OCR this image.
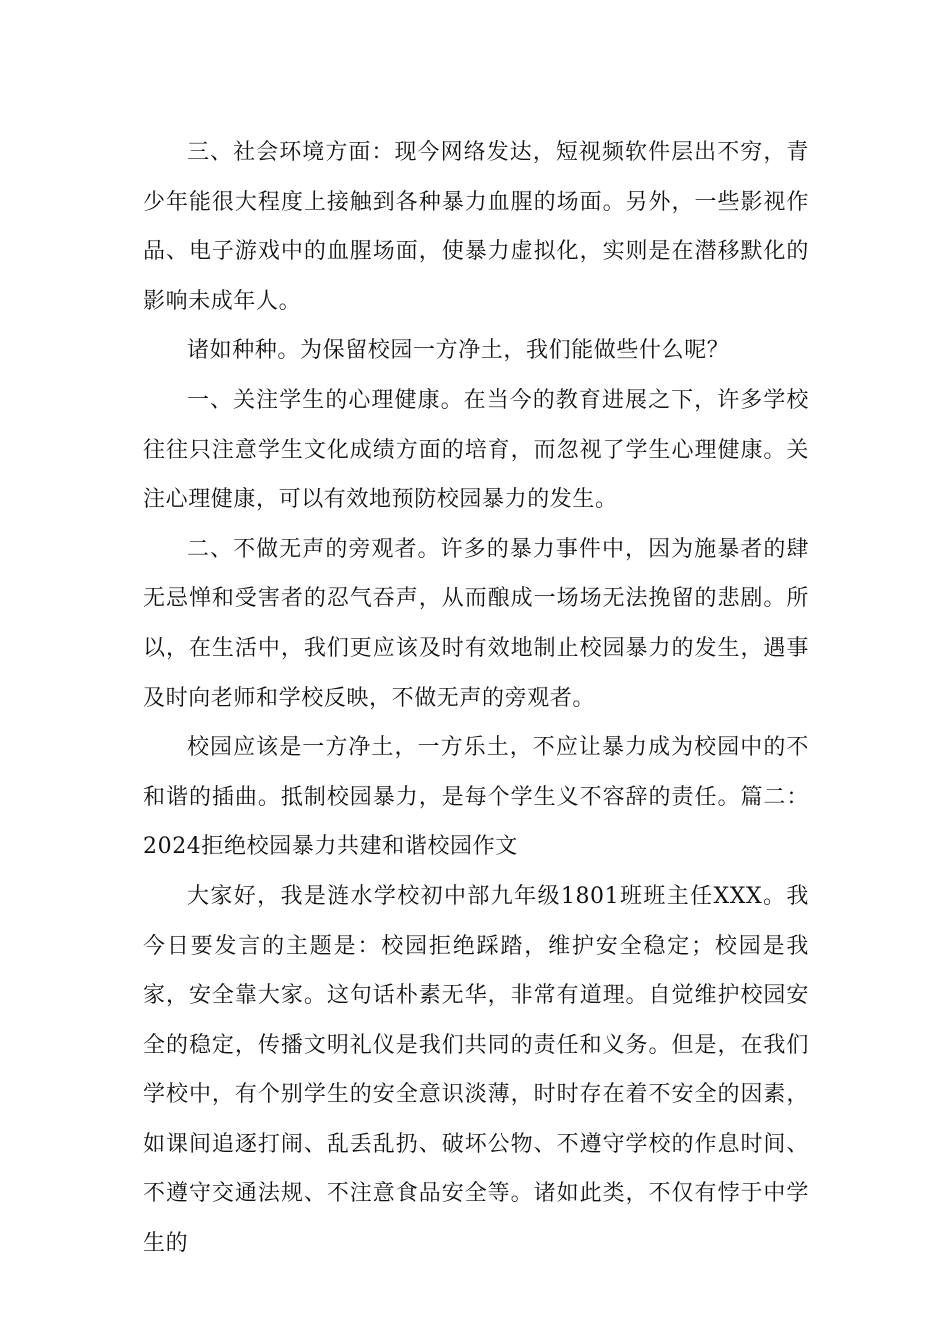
三、社会环境方面：现今网络发达，短视频软件层出不穷，青少年能很大程度上接触到各种暴力血腥的场面。另外，一些影视作品、电子游戏中的血腥场面，使暴力虚拟化，实则是在潜移默化的影响未成年人。

诸如种种。为保留校园一方净土，我们能做些什么呢？

一、关注学生的心理健康。在当今的教育进展之下，许多学校往往只注意学生文化成绩方面的培育，而忽视了学生心理健康。关注心理健康，可以有效地预防校园暴力的发生。

二、不做无声的旁观者。许多的暴力事件中，因为施暴者的肆无忌惮和受害者的忍气吞声，从而酿成一场场无法挽留的悲剧。所以，在生活中，我们更应该及时有效地制止校园暴力的发生，遇事及时向老师和学校反映，不做无声的旁观者。

校园应该是一方净土，一方乐土，不应让暴力成为校园中的不和谐的插曲。抵制校园暴力，是每个学生义不容辞的责任。篇二：2024拒绝校园暴力共建和谐校园作文

大家好，我是涟水学校初中部九年级1801班班主任XXX。我今日要发言的主题是：校园拒绝踩踏，维护安全稳定；校园是我家，安全靠大家。这句话朴素无华，非常有道理。自觉维护校园安全的稳定，传播文明礼仪是我们共同的责任和义务。但是，在我们学校中，有个别学生的安全意识淡薄，时时存在着不安全的因素，如课间追逐打闹、乱丢乱扔、破坏公物、不遵守学校的作息时间、不遵守交通法规、不注意食品安全等。诸如此类，不仅有悖于中学生的
